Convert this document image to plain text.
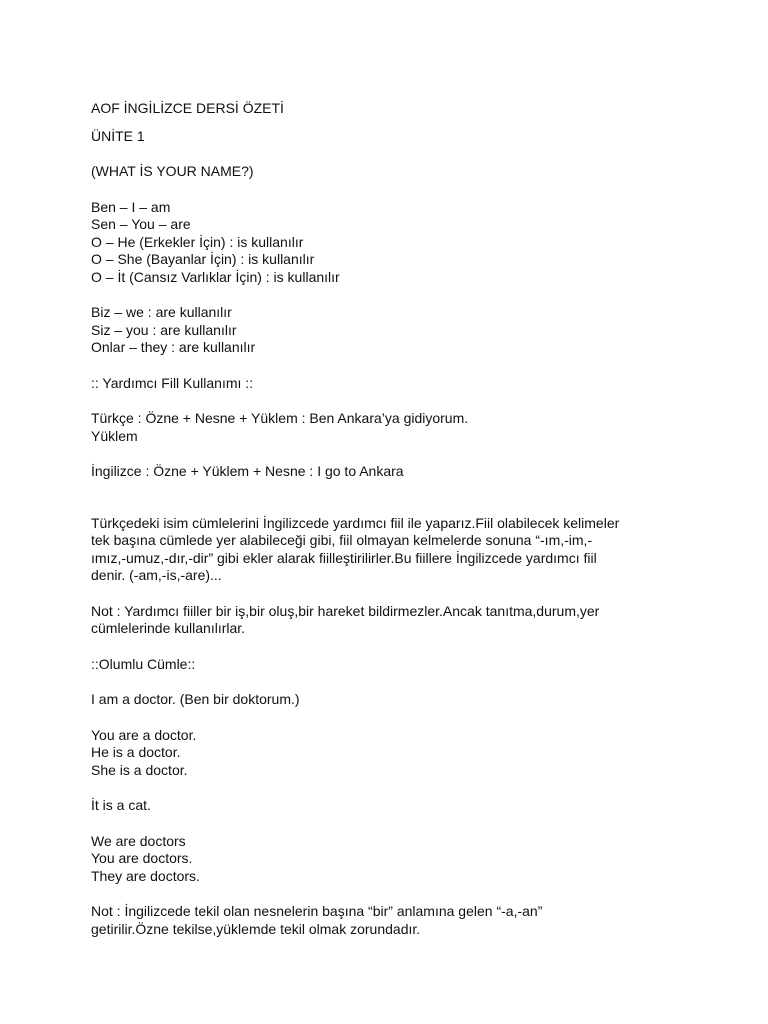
AOF İNGİLİZCE DERSİ ÖZETİ
ÜNİTE 1
(WHAT İS YOUR NAME?)
Ben – I – am
Sen – You – are
O – He (Erkekler İçin) : is kullanılır
O – She (Bayanlar İçin) : is kullanılır
O – İt (Cansız Varlıklar İçin) : is kullanılır
Biz – we : are kullanılır
Siz – you : are kullanılır
Onlar – they : are kullanılır
:: Yardımcı Fill Kullanımı ::
Türkçe : Özne + Nesne + Yüklem : Ben Ankara’ya gidiyorum.
Yüklem
İngilizce : Özne + Yüklem + Nesne : I go to Ankara
Türkçedeki isim cümlelerini İngilizcede yardımcı fiil ile yaparız.Fiil olabilecek kelimeler
tek başına cümlede yer alabileceği gibi, fiil olmayan kelmelerde sonuna “-ım,-im,-
ımız,-umuz,-dır,-dir” gibi ekler alarak fiilleştirilirler.Bu fiillere İngilizcede yardımcı fiil
denir. (-am,-is,-are)...
Not : Yardımcı fiiller bir iş,bir oluş,bir hareket bildirmezler.Ancak tanıtma,durum,yer
cümlelerinde kullanılırlar.
::Olumlu Cümle::
I am a doctor. (Ben bir doktorum.)
You are a doctor.
He is a doctor.
She is a doctor.
İt is a cat.
We are doctors
You are doctors.
They are doctors.
Not : İngilizcede tekil olan nesnelerin başına “bir” anlamına gelen “-a,-an”
getirilir.Özne tekilse,yüklemde tekil olmak zorundadır.
